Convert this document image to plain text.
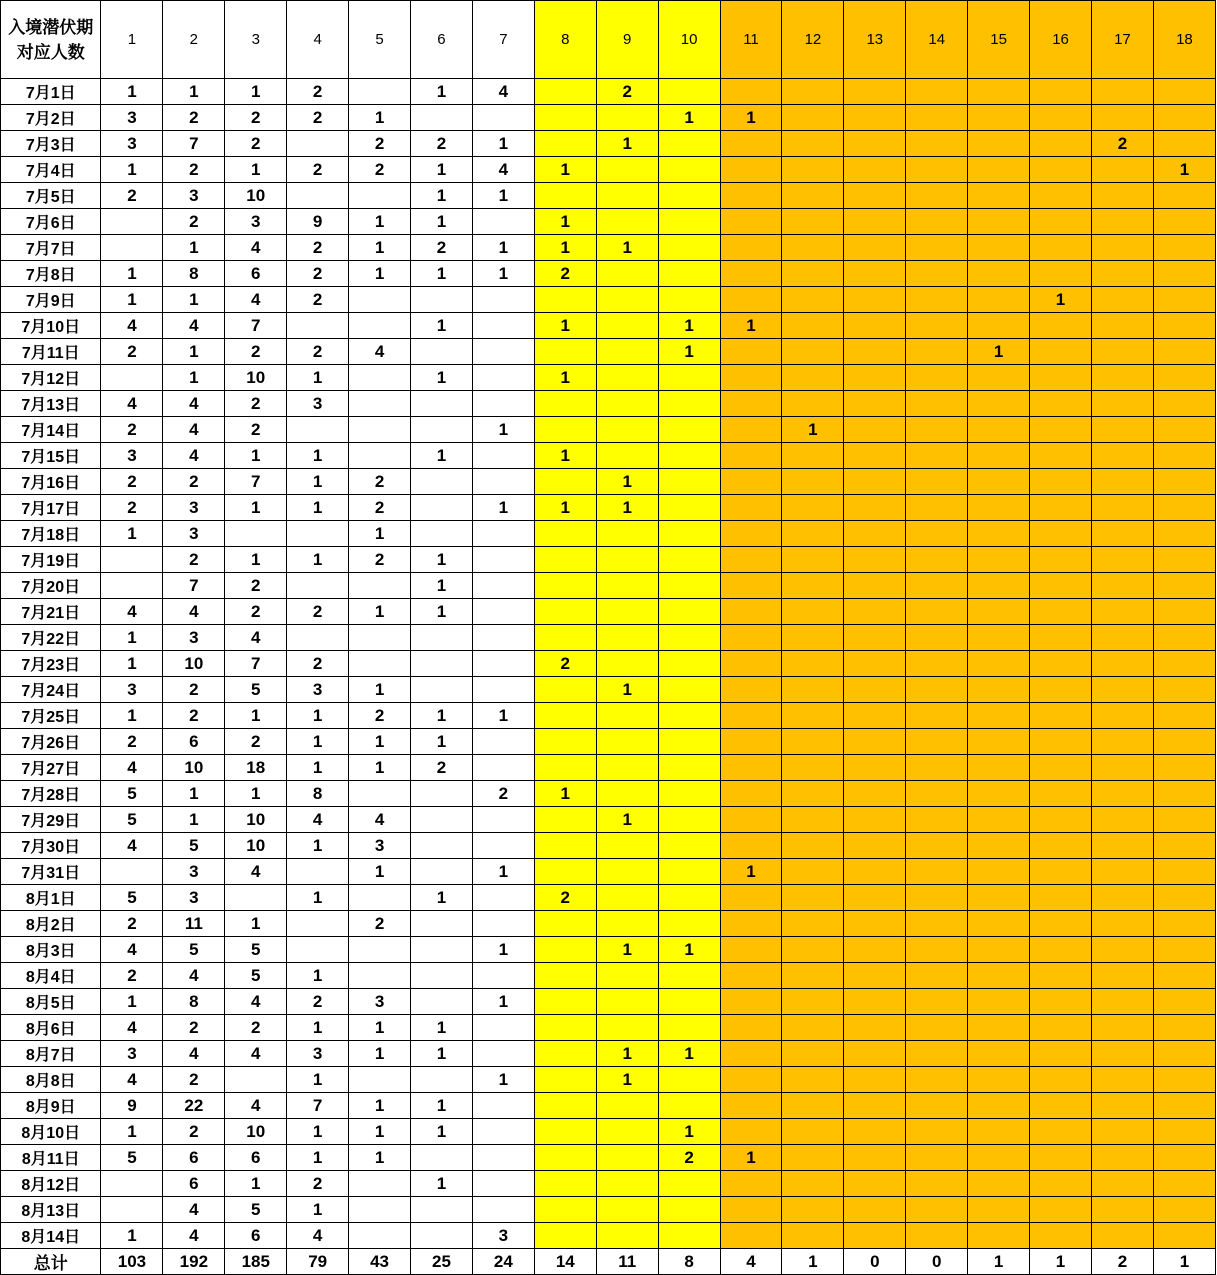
入境潜伏期对应人数	1	2	3	4	5	6	7	8	9	10	11	12	13	14	15	16	17	18
7月1日	1	1	1	2		1	4		2									
7月2日	3	2	2	2	1					1	1							
7月3日	3	7	2		2	2	1		1								2	
7月4日	1	2	1	2	2	1	4	1										1
7月5日	2	3	10			1	1											
7月6日		2	3	9	1	1		1										
7月7日		1	4	2	1	2	1	1	1									
7月8日	1	8	6	2	1	1	1	2										
7月9日	1	1	4	2												1		
7月10日	4	4	7			1		1		1	1							
7月11日	2	1	2	2	4					1					1			
7月12日		1	10	1		1		1										
7月13日	4	4	2	3														
7月14日	2	4	2				1					1						
7月15日	3	4	1	1		1		1										
7月16日	2	2	7	1	2				1									
7月17日	2	3	1	1	2		1	1	1									
7月18日	1	3			1													
7月19日		2	1	1	2	1												
7月20日		7	2			1												
7月21日	4	4	2	2	1	1												
7月22日	1	3	4															
7月23日	1	10	7	2				2										
7月24日	3	2	5	3	1				1									
7月25日	1	2	1	1	2	1	1											
7月26日	2	6	2	1	1	1												
7月27日	4	10	18	1	1	2												
7月28日	5	1	1	8			2	1										
7月29日	5	1	10	4	4				1									
7月30日	4	5	10	1	3													
7月31日		3	4		1		1				1							
8月1日	5	3		1		1		2										
8月2日	2	11	1		2													
8月3日	4	5	5				1		1	1								
8月4日	2	4	5	1														
8月5日	1	8	4	2	3		1											
8月6日	4	2	2	1	1	1												
8月7日	3	4	4	3	1	1			1	1								
8月8日	4	2		1			1		1									
8月9日	9	22	4	7	1	1												
8月10日	1	2	10	1	1	1				1								
8月11日	5	6	6	1	1					2	1							
8月12日		6	1	2		1												
8月13日		4	5	1														
8月14日	1	4	6	4			3											
总计	103	192	185	79	43	25	24	14	11	8	4	1	0	0	1	1	2	1
